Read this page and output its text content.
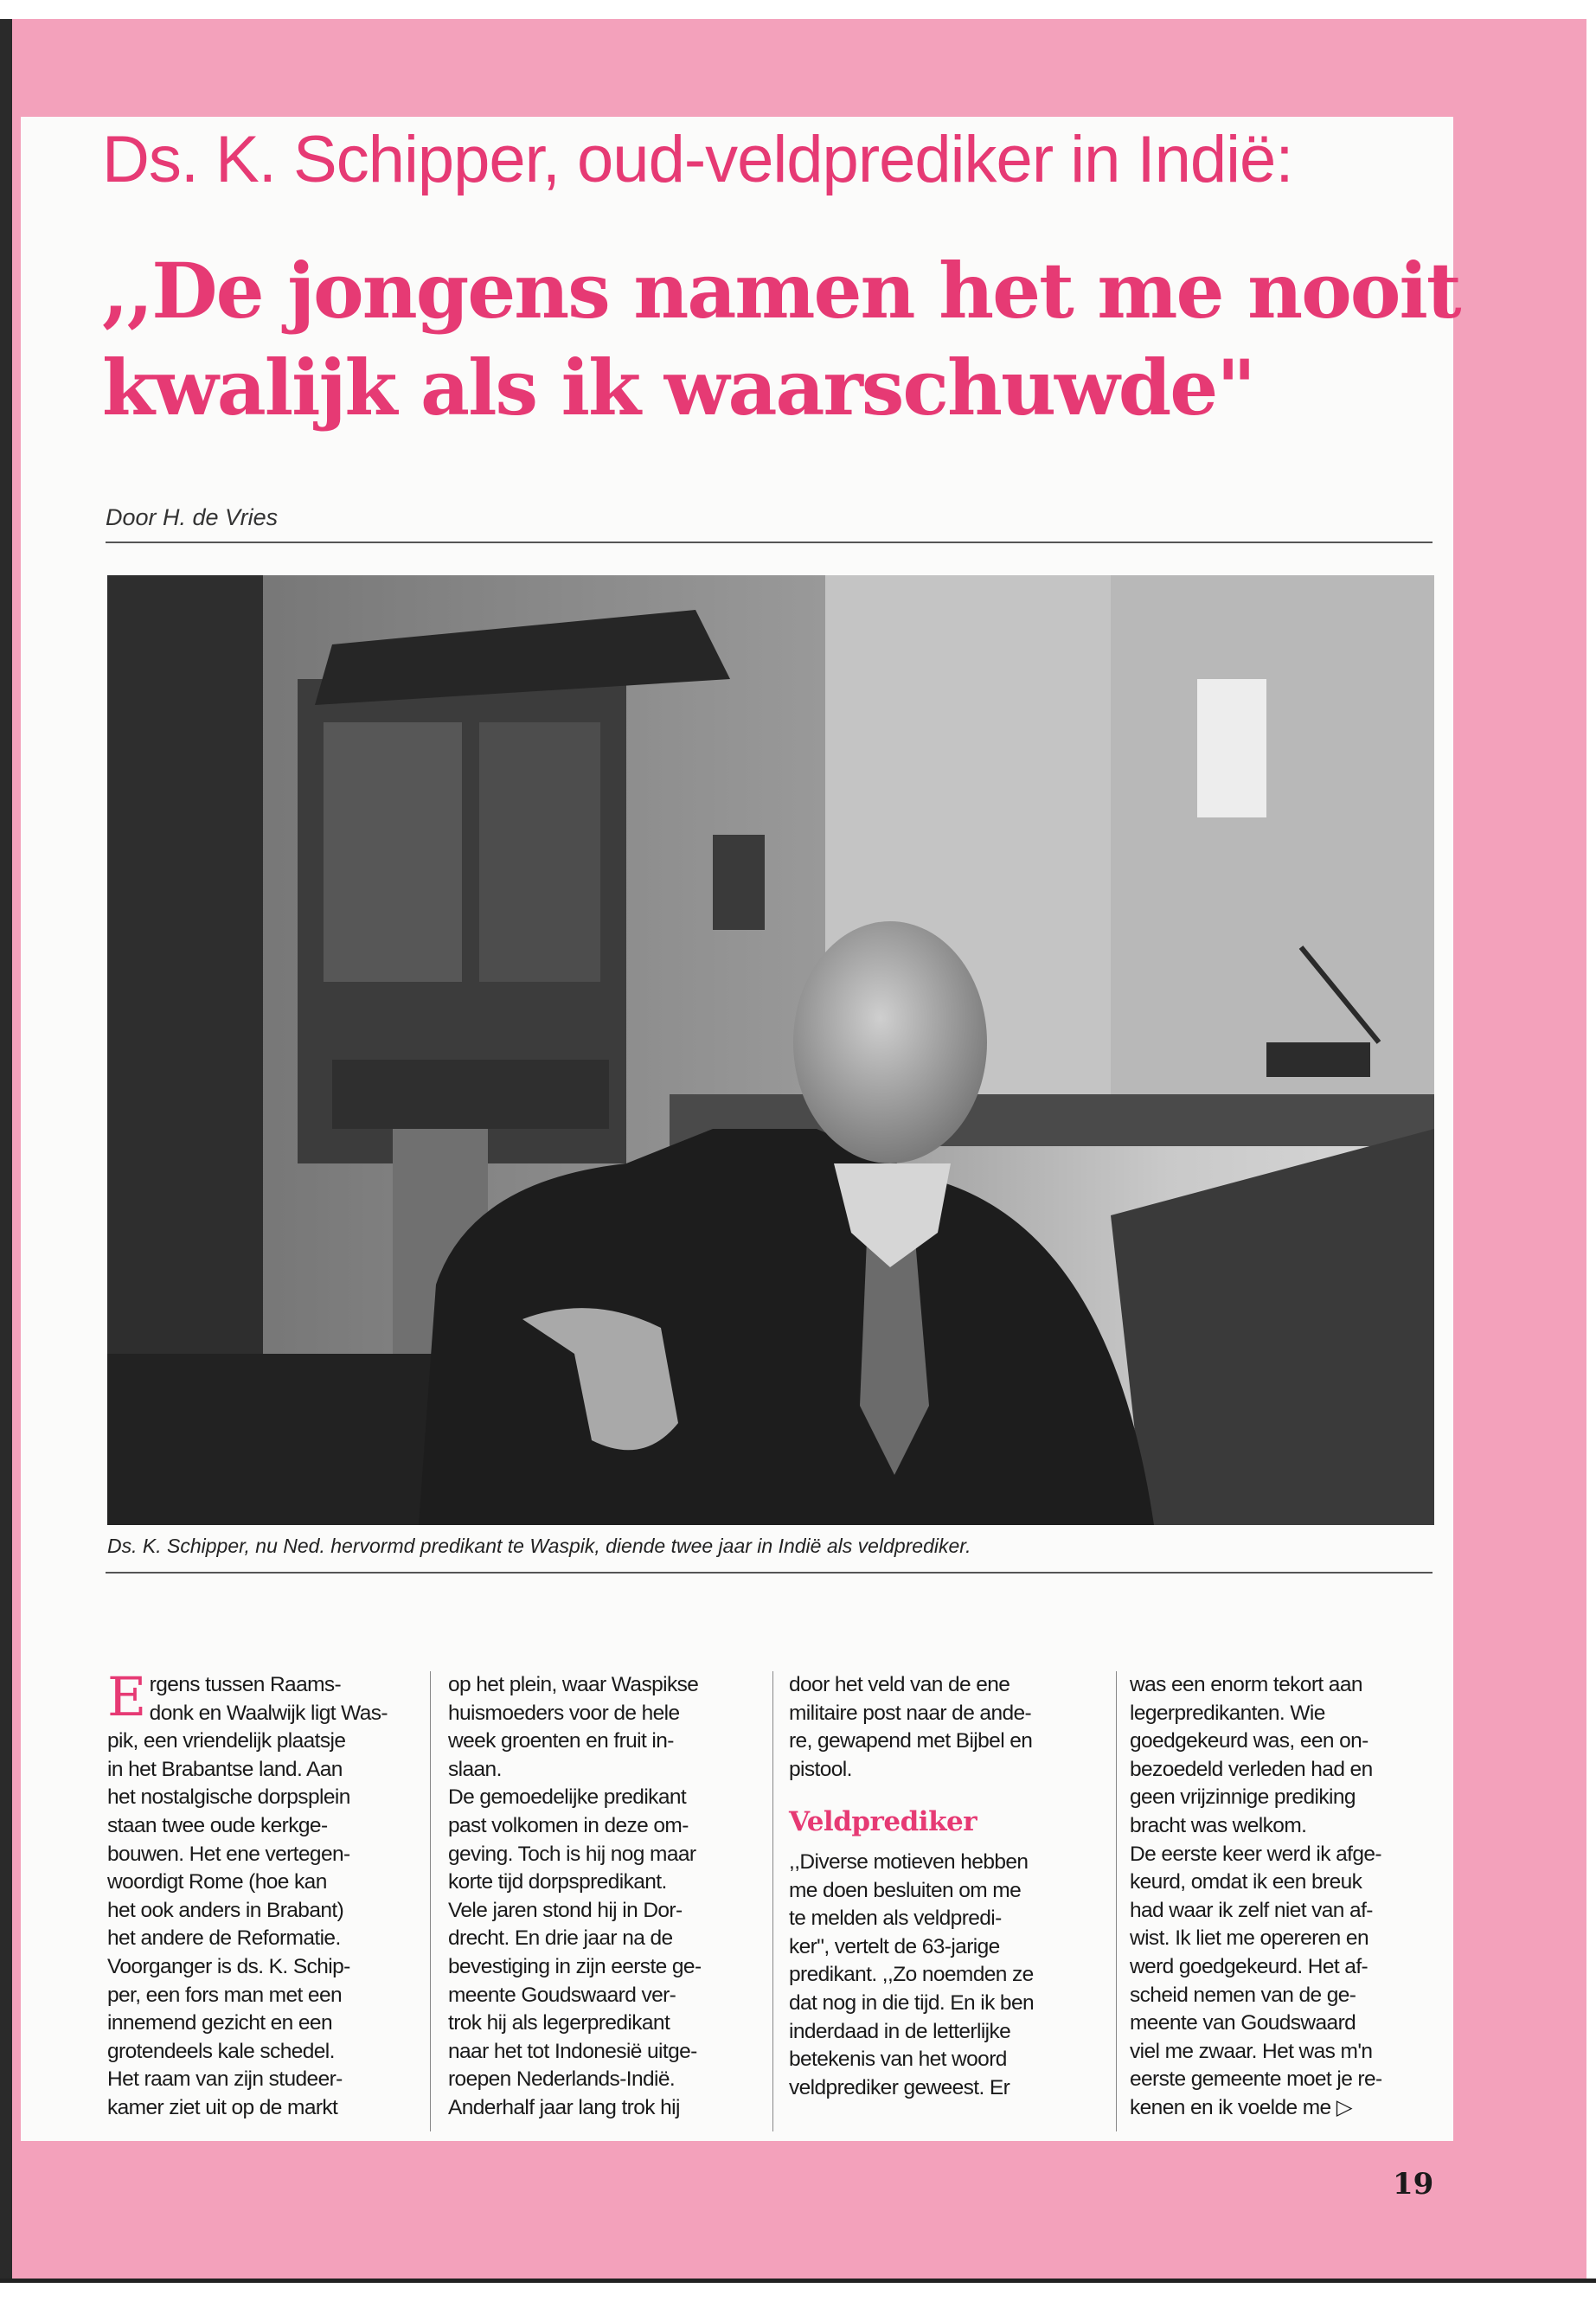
Ds. K. Schipper, oud-veldprediker in Indië:
,,De jongens namen het me nooit
kwalijk als ik waarschuwde"
Door H. de Vries
Ds. K. Schipper, nu Ned. hervormd predikant te Waspik, diende twee jaar in Indië als veldprediker.
E rgens tussen Raams-
donk en Waalwijk ligt Was-
pik, een vriendelijk plaatsje
in het Brabantse land. Aan
het nostalgische dorpsplein
staan twee oude kerkge-
bouwen. Het ene vertegen-
woordigt Rome (hoe kan
het ook anders in Brabant)
het andere de Reformatie.
Voorganger is ds. K. Schip-
per, een fors man met een
innemend gezicht en een
grotendeels kale schedel.
Het raam van zijn studeer-
kamer ziet uit op de markt
op het plein, waar Waspikse
huismoeders voor de hele
week groenten en fruit in-
slaan.
De gemoedelijke predikant
past volkomen in deze om-
geving. Toch is hij nog maar
korte tijd dorpspredikant.
Vele jaren stond hij in Dor-
drecht. En drie jaar na de
bevestiging in zijn eerste ge-
meente Goudswaard ver-
trok hij als legerpredikant
naar het tot Indonesië uitge-
roepen Nederlands-Indië.
Anderhalf jaar lang trok hij
door het veld van de ene
militaire post naar de ande-
re, gewapend met Bijbel en
pistool.
Veldprediker
,,Diverse motieven hebben
me doen besluiten om me
te melden als veldpredi-
ker", vertelt de 63-jarige
predikant. ,,Zo noemden ze
dat nog in die tijd. En ik ben
inderdaad in de letterlijke
betekenis van het woord
veldprediker geweest. Er
was een enorm tekort aan
legerpredikanten. Wie
goedgekeurd was, een on-
bezoedeld verleden had en
geen vrijzinnige prediking
bracht was welkom.
De eerste keer werd ik afge-
keurd, omdat ik een breuk
had waar ik zelf niet van af-
wist. Ik liet me opereren en
werd goedgekeurd. Het af-
scheid nemen van de ge-
meente van Goudswaard
viel me zwaar. Het was m'n
eerste gemeente moet je re-
kenen en ik voelde me ▷
19
